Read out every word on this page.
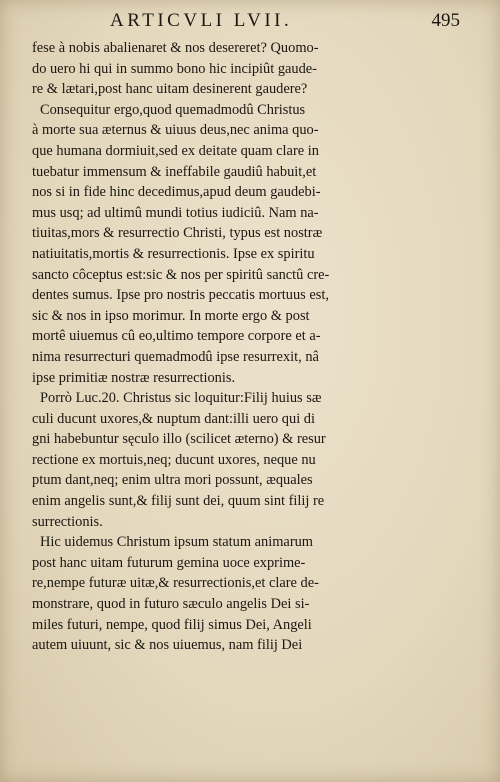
ARTICVLI LVII.	495
fese à nobis abalienaret & nos desereret? Quomo-
do uero hi qui in summo bono hic incipiût gaude-
re & lætari,post hanc uitam desinerent gaudere?
Consequitur ergo,quod quemadmodû Christus
à morte sua æternus & uiuus deus,nec anima quo-
que humana dormiuit,sed ex deitate quam clare in
tuebatur immensum & ineffabile gaudiû habuit,et
nos si in fide hinc decedimus,apud deum gaudebi-
mus usq; ad ultimû mundi totius iudiciû. Nam na-
tiuitas,mors & resurrectio Christi, typus est nostræ
natiuitatis,mortis & resurrectionis. Ipse ex spiritu
sancto côceptus est:sic & nos per spiritû sanctû cre-
dentes sumus. Ipse pro nostris peccatis mortuus est,
sic & nos in ipso morimur. In morte ergo & post
mortê uiuemus cû eo,ultimo tempore corpore et a-
nima resurrecturi quemadmodû ipse resurrexit, nâ
ipse primitiæ nostræ resurrectionis.
Porrò Luc.20. Christus sic loquitur:Filij huius sæ
culi ducunt uxores,& nuptum dant:illi uero qui di
gni habebuntur sęculo illo (scilicet æterno) & resur
rectione ex mortuis,neq; ducunt uxores, neque nu
ptum dant,neq; enim ultra mori possunt, æquales
enim angelis sunt,& filij sunt dei, quum sint filij re
surrectionis.
Hic uidemus Christum ipsum statum animarum
post hanc uitam futurum gemina uoce exprime-
re,nempe futuræ uitæ,& resurrectionis,et clare de-
monstrare, quod in futuro sæculo angelis Dei si-
miles futuri, nempe, quod filij simus Dei, Angeli
autem uiuunt, sic & nos uiuemus, nam filij Dei
